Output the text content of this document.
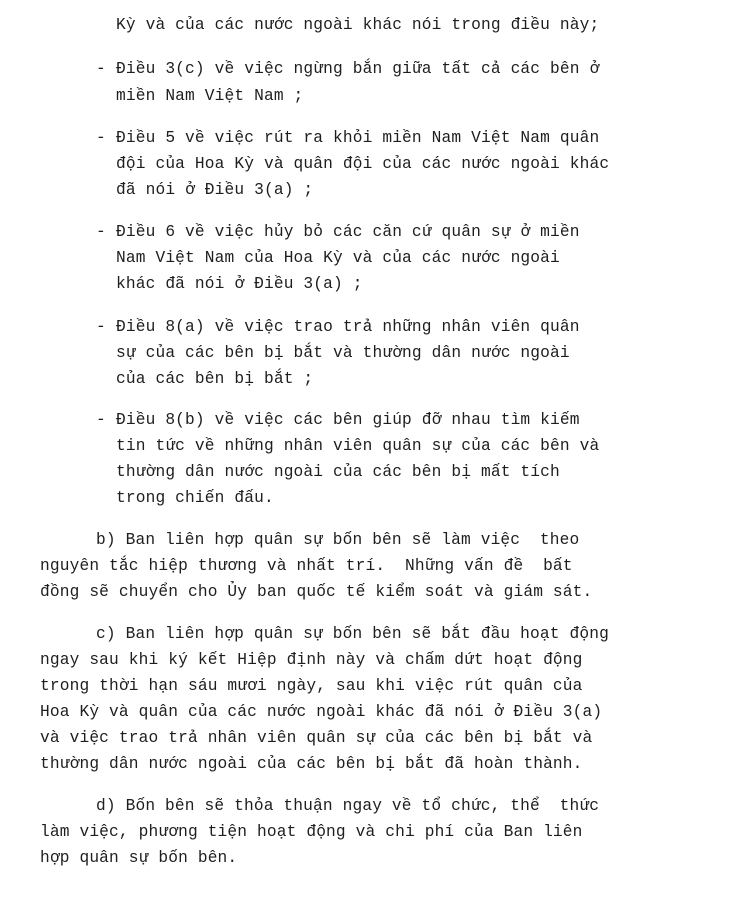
Kỳ và của các nước ngoài khác nói trong điều này;
- Điều 3(c) về việc ngừng bắn giữa tất cả các bên ở
miền Nam Việt Nam ;
- Điều 5 về việc rút ra khỏi miền Nam Việt Nam quân
đội của Hoa Kỳ và quân đội của các nước ngoài khác
đã nói ở Điều 3(a) ;
- Điều 6 về việc hủy bỏ các căn cứ quân sự ở miền
Nam Việt Nam của Hoa Kỳ và của các nước ngoài
khác đã nói ở Điều 3(a) ;
- Điều 8(a) về việc trao trả những nhân viên quân
sự của các bên bị bắt và thường dân nước ngoài
của các bên bị bắt ;
- Điều 8(b) về việc các bên giúp đỡ nhau tìm kiếm
tin tức về những nhân viên quân sự của các bên và
thường dân nước ngoài của các bên bị mất tích
trong chiến đấu.
b) Ban liên hợp quân sự bốn bên sẽ làm việc  theo
nguyên tắc hiệp thương và nhất trí.  Những vấn đề  bất
đồng sẽ chuyển cho Ủy ban quốc tế kiểm soát và giám sát.
c) Ban liên hợp quân sự bốn bên sẽ bắt đầu hoạt động
ngay sau khi ký kết Hiệp định này và chấm dứt hoạt động
trong thời hạn sáu mươi ngày, sau khi việc rút quân của
Hoa Kỳ và quân của các nước ngoài khác đã nói ở Điều 3(a)
và việc trao trả nhân viên quân sự của các bên bị bắt và
thường dân nước ngoài của các bên bị bắt đã hoàn thành.
d) Bốn bên sẽ thỏa thuận ngay về tổ chức, thể  thức
làm việc, phương tiện hoạt động và chi phí của Ban liên
hợp quân sự bốn bên.
